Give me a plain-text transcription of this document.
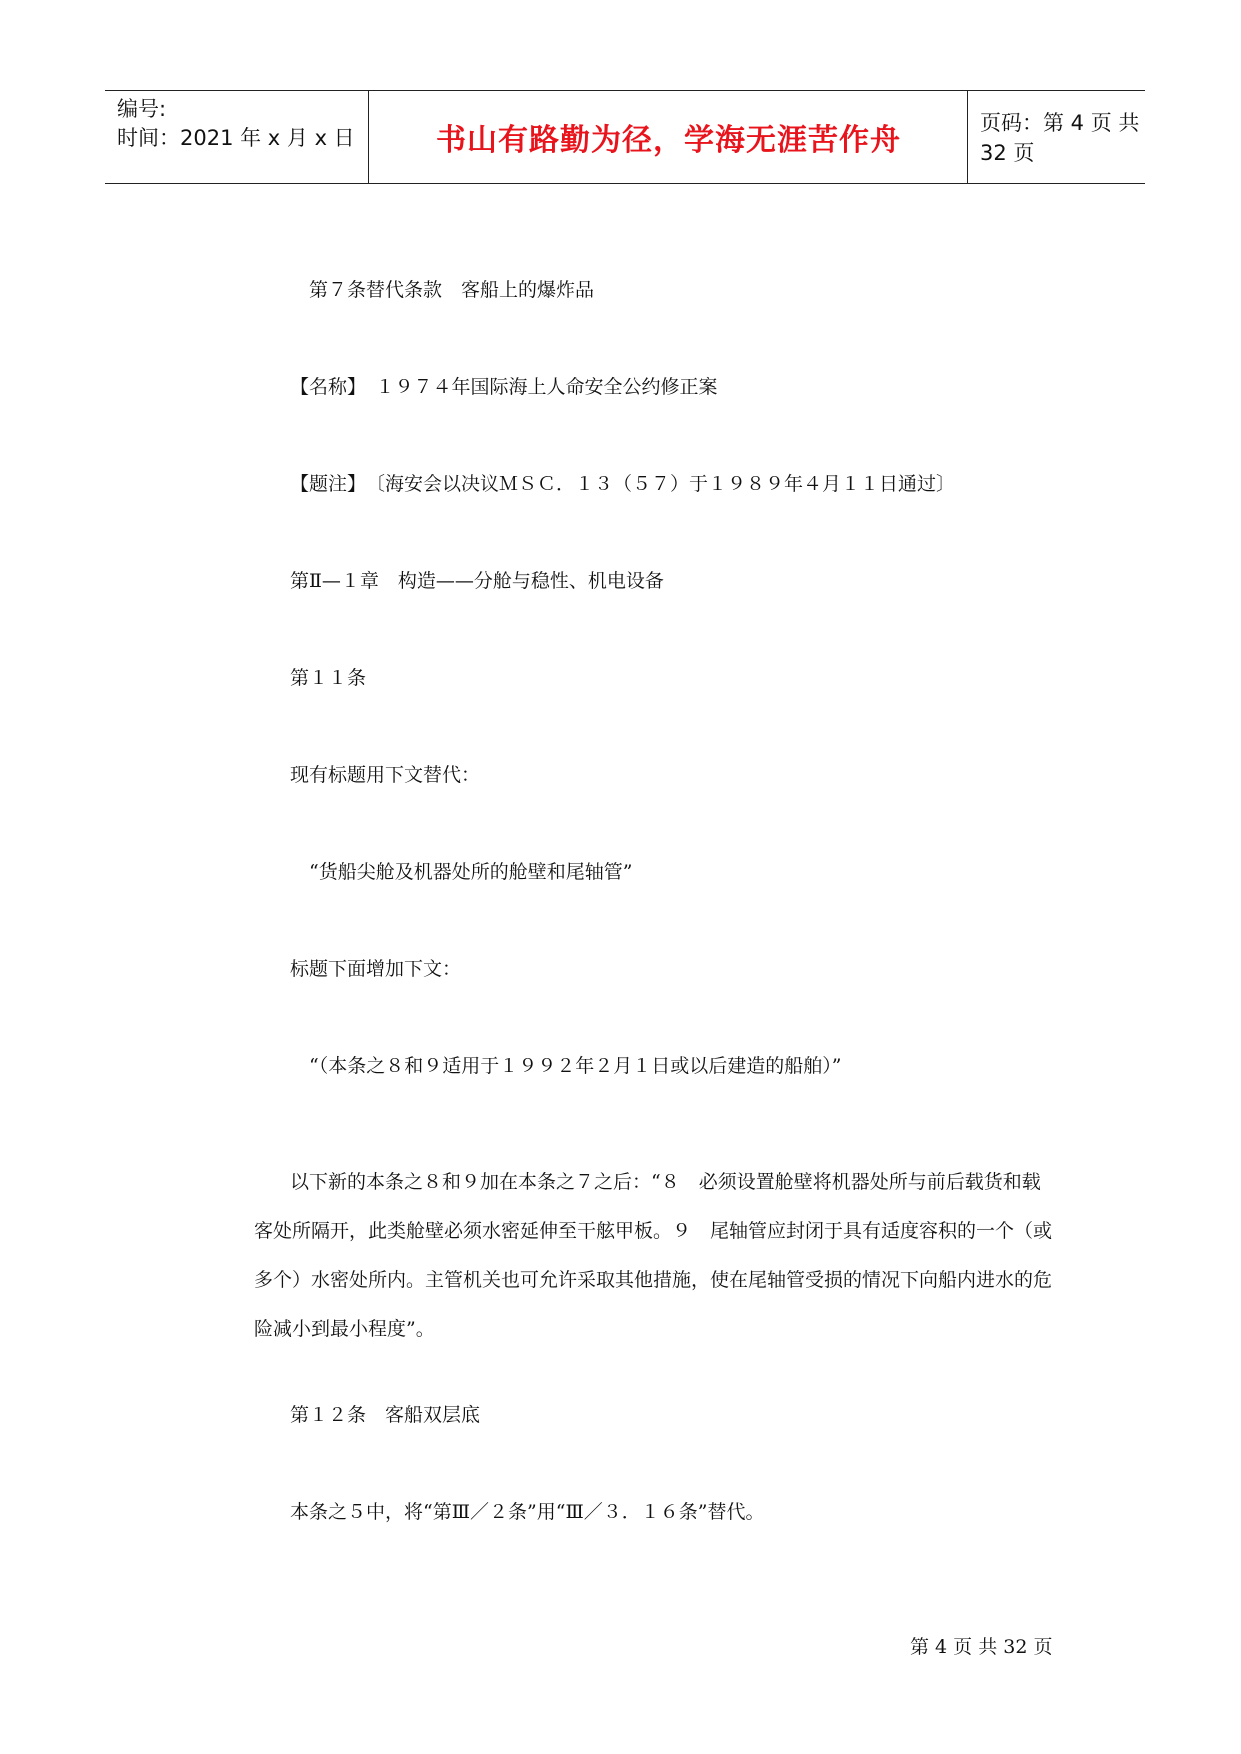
编号:
时间：2021 年 x 月 x 日	书山有路勤为径，学海无涯苦作舟	页码：第 4 页 共 32 页
第７条替代条款　客船上的爆炸品
【名称】　１９７４年国际海上人命安全公约修正案
【题注】　〔海安会以决议ＭＳＣ．１３（５７）于１９８９年４月１１日通过〕
第Ⅱ—１章　构造——分舱与稳性、机电设备
第１１条
现有标题用下文替代：
“货船尖舱及机器处所的舱壁和尾轴管”
标题下面增加下文：
“（本条之８和９适用于１９９２年２月１日或以后建造的船舶）”
以下新的本条之８和９加在本条之７之后：“８　必须设置舱壁将机器处所与前后载货和载
客处所隔开，此类舱壁必须水密延伸至干舷甲板。９　尾轴管应封闭于具有适度容积的一个（或
多个）水密处所内。主管机关也可允许采取其他措施，使在尾轴管受损的情况下向船内进水的危
险减小到最小程度”。
第１２条　客船双层底
本条之５中，将“第Ⅲ／２条”用“Ⅲ／３．１６条”替代。
第 4 页 共 32 页
